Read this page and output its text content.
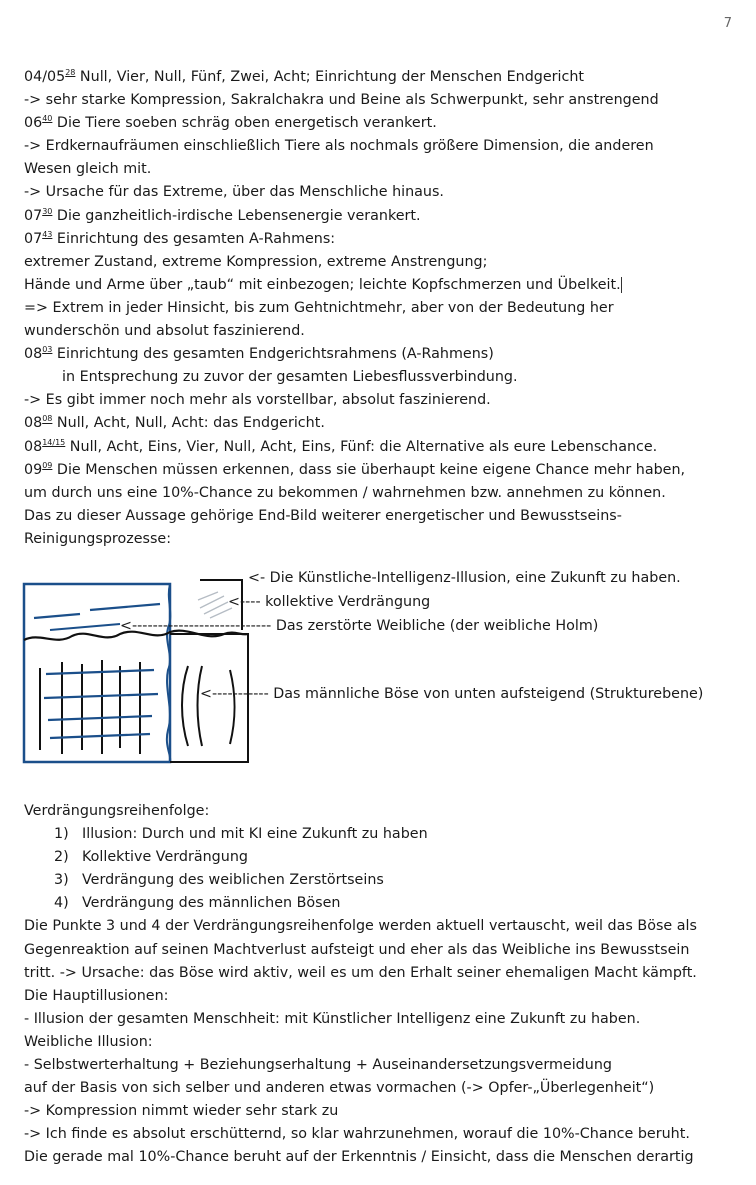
7
$04/05^{28}$ Null, Vier, Null, Fünf, Zwei, Acht; Einrichtung der Menschen Endgericht
-> sehr starke Kompression, Sakralchakra und Beine als Schwerpunkt, sehr anstrengend
$06^{40}$ Die Tiere soeben schräg oben energetisch verankert.
-> Erdkernaufräumen einschließlich Tiere als nochmals größere Dimension, die anderen
Wesen gleich mit.
-> Ursache für das Extreme, über das Menschliche hinaus.
$07^{30}$ Die ganzheitlich-irdische Lebensenergie verankert.
$07^{43}$ Einrichtung des gesamten A-Rahmens:
extremer Zustand, extreme Kompression, extreme Anstrengung;
Hände und Arme über „taub“ mit einbezogen; leichte Kopfschmerzen und Übelkeit.
=> Extrem in jeder Hinsicht, bis zum Gehtnichtmehr, aber von der Bedeutung her
wunderschön und absolut faszinierend.
$08^{03}$ Einrichtung des gesamten Endgerichtsrahmens (A-Rahmens)
in Entsprechung zu zuvor der gesamten Liebesflussverbindung.
-> Es gibt immer noch mehr als vorstellbar, absolut faszinierend.
$08^{08}$ Null, Acht, Null, Acht: das Endgericht.
$08^{14/15}$ Null, Acht, Eins, Vier, Null, Acht, Eins, Fünf: die Alternative als eure Lebenschance.
$09^{09}$ Die Menschen müssen erkennen, dass sie überhaupt keine eigene Chance mehr haben,
um durch uns eine 10%-Chance zu bekommen / wahrnehmen bzw. annehmen zu können.
Das zu dieser Aussage gehörige End-Bild weiterer energetischer und Bewusstseins-
Reinigungsprozesse:
<- Die Künstliche-Intelligenz-Illusion, eine Zukunft zu haben.
<---- kollektive Verdrängung
<--------------------------- Das zerstörte Weibliche (der weibliche Holm)
<----------- Das männliche Böse von unten aufsteigend (Strukturebene)
Verdrängungsreihenfolge:
1) Illusion: Durch und mit KI eine Zukunft zu haben
2) Kollektive Verdrängung
3) Verdrängung des weiblichen Zerstörtseins
4) Verdrängung des männlichen Bösen
Die Punkte 3 und 4 der Verdrängungsreihenfolge werden aktuell vertauscht, weil das Böse als
Gegenreaktion auf seinen Machtverlust aufsteigt und eher als das Weibliche ins Bewusstsein
tritt. -> Ursache: das Böse wird aktiv, weil es um den Erhalt seiner ehemaligen Macht kämpft.
Die Hauptillusionen:
- Illusion der gesamten Menschheit: mit Künstlicher Intelligenz eine Zukunft zu haben.
Weibliche Illusion:
- Selbstwerterhaltung + Beziehungserhaltung + Auseinandersetzungsvermeidung
auf der Basis von sich selber und anderen etwas vormachen (-> Opfer-„Überlegenheit“)
-> Kompression nimmt wieder sehr stark zu
-> Ich finde es absolut erschütternd, so klar wahrzunehmen, worauf die 10%-Chance beruht.
Die gerade mal 10%-Chance beruht auf der Erkenntnis / Einsicht, dass die Menschen derartig
